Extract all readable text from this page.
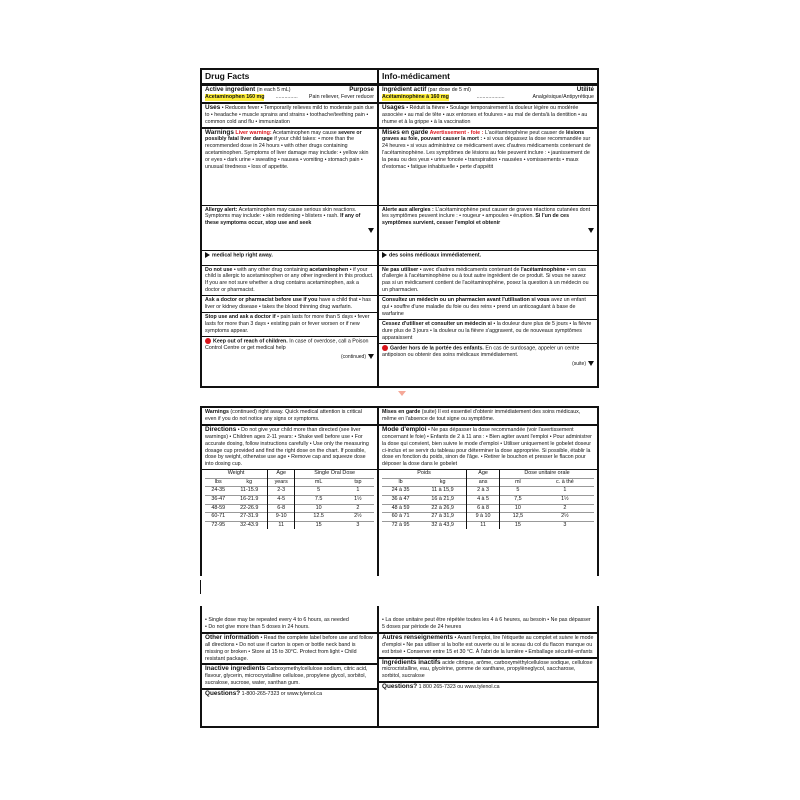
Drug Facts
Active ingredient (in each 5 mL)	Purpose
Acetaminophen 160 mg ............... Pain reliever, Fever reducer
Uses • Reduces fever • Temporarily relieves mild to moderate pain due to • headache • muscle sprains and strains • toothache/teething pain • common cold and flu • immunization
Warnings Liver warning: Acetaminophen may cause severe or possibly fatal liver damage if your child takes: • more than the recommended dose in 24 hours • with other drugs containing acetaminophen. Symptoms of liver damage may include: • yellow skin or eyes • dark urine • sweating • nausea • vomiting • stomach pain • unusual tiredness • loss of appetite.
Allergy alert: Acetaminophen may cause serious skin reactions. Symptoms may include: • skin reddening • blisters • rash. If any of these symptoms occur, stop use and seek
medical help right away.
Do not use • with any other drug containing acetaminophen • if your child is allergic to acetaminophen or any other ingredient in this product. If you are not sure whether a drug contains acetaminophen, ask a doctor or pharmacist.
Ask a doctor or pharmacist before use if you have a child that • has liver or kidney disease • takes the blood thinning drug warfarin.
Stop use and ask a doctor if • pain lasts for more than 5 days • fever lasts for more than 3 days • existing pain or fever worsen or if new symptoms appear.
Keep out of reach of children. In case of overdose, call a Poison Control Centre or get medical help
(continued)
Info-médicament
Ingrédient actif (par dose de 5 ml)	Utilité
Acétaminophène à 160 mg	...................	Analgésique/Antipyrétique
Usages • Réduit la fièvre • Soulage temporairement la douleur légère ou modérée associée • au mal de tête • aux entorses et foulures • au mal de dents/à la dentition • au rhume et à la grippe • à la vaccination
Mises en garde Avertissement - foie : L'acétaminophène peut causer de lésions graves au foie, pouvant causer la mort : • si vous dépassez la dose recommandée sur 24 heures • si vous administrez ce médicament avec d'autres médicaments contenant de l'acétaminophène. Les symptômes de lésions au foie peuvent inclure : • jaunissement de la peau ou des yeux • urine foncée • transpiration • nausées • vomissements • maux d'estomac • fatigue inhabituelle • perte d'appétit
Alerte aux allergies : L'acétaminophène peut causer de graves réactions cutanées dont les symptômes peuvent inclure : • rougeur • ampoules • éruption. Si l'un de ces symptômes survient, cesser l'emploi et obtenir
des soins médicaux immédiatement.
Ne pas utiliser • avec d'autres médicaments contenant de l'acétaminophène • en cas d'allergie à l'acétaminophène ou à tout autre ingrédient de ce produit. Si vous ne savez pas si un médicament contient de l'acétaminophène, posez la question à un médecin ou un pharmacien.
Consultez un médecin ou un pharmacien avant l'utilisation si vous avez un enfant qui • souffre d'une maladie du foie ou des reins • prend un anticoagulant à base de warfarine
Cessez d'utiliser et consulter un médecin si • la douleur dure plus de 5 jours • la fièvre dure plus de 3 jours • la douleur ou la fièvre s'aggravent, ou de nouveaux symptômes apparaissent
Garder hors de la portée des enfants. En cas de surdosage, appeler un centre antipoison ou obtenir des soins médicaux immédiatement.
(suite)
Warnings (continued) right away. Quick medical attention is critical even if you do not notice any signs or symptoms.
Directions • Do not give your child more than directed (see liver warnings) • Children ages 2-11 years: • Shake well before use • For accurate dosing, follow instructions carefully • Use only the measuring dosage cup provided and find the right dose on the chart. If possible, dose by weight, otherwise use age • Remove cap and squeeze dose into dosing cup.
Weight		Age	Single Oral Dose	
lbs	kg	years	mL	tsp
24-35	11-15.9	2-3	5	1
36-47	16-21.9	4-5	7.5	1½
48-59	22-26.9	6-8	10	2
60-71	27-31.9	9-10	12.5	2½
72-95	32-43.9	11	15	3
Mises en garde (suite) Il est essentiel d'obtenir immédiatement des soins médicaux, même en l'absence de tout signe ou symptôme.
Mode d'emploi • Ne pas dépasser la dose recommandée (voir l'avertissement concernant le foie) • Enfants de 2 à 11 ans : • Bien agiter avant l'emploi • Pour administrer la dose qui convient, bien suivre le mode d'emploi • Utiliser uniquement le gobelet doseur ci-inclus et se servir du tableau pour déterminer la dose appropriée. Si possible, établir la dose en fonction du poids, sinon de l'âge. • Retirer le bouchon et presser le flacon pour déposer la dose dans le gobelet
Poids		Âge	Dose unitaire orale	
lb	kg	ans	ml	c. à thé
24 à 35	11 à 15,9	2 à 3	5	1
36 à 47	16 à 21,9	4 à 5	7,5	1½
48 à 59	22 à 26,9	6 à 8	10	2
60 à 71	27 à 31,9	9 à 10	12,5	2½
72 à 95	32 à 43,9	11	15	3
• Single dose may be repeated every 4 to 6 hours, as needed
• Do not give more than 5 doses in 24 hours.
Other information • Read the complete label before use and follow all directions • Do not use if carton is open or bottle neck band is missing or broken • Store at 15 to 30°C. Protect from light • Child resistant package.
Inactive ingredients Carboxymethylcellulose sodium, citric acid, flavour, glycerin, microcrystalline cellulose, propylene glycol, sorbitol, sucralose, sucrose, water, xanthan gum.
Questions? 1-800-265-7323 or www.tylenol.ca
• La dose unitaire peut être répétée toutes les 4 à 6 heures, au besoin • Ne pas dépasser 5 doses par période de 24 heures
Autres renseignements • Avant l'emploi, lire l'étiquette au complet et suivre le mode d'emploi • Ne pas utiliser si la boîte est ouverte ou si le sceau du col du flacon manque ou est brisé • Conserver entre 15 et 30 °C. À l'abri de la lumière • Emballage sécurité-enfants
Ingrédients inactifs acide citrique, arôme, carboxyméthylcellulose sodique, cellulose microcristalline, eau, glycérine, gomme de xanthane, propylèneglycol, saccharose, sorbitol, sucralose
Questions? 1 800 265-7323 ou www.tylenol.ca
